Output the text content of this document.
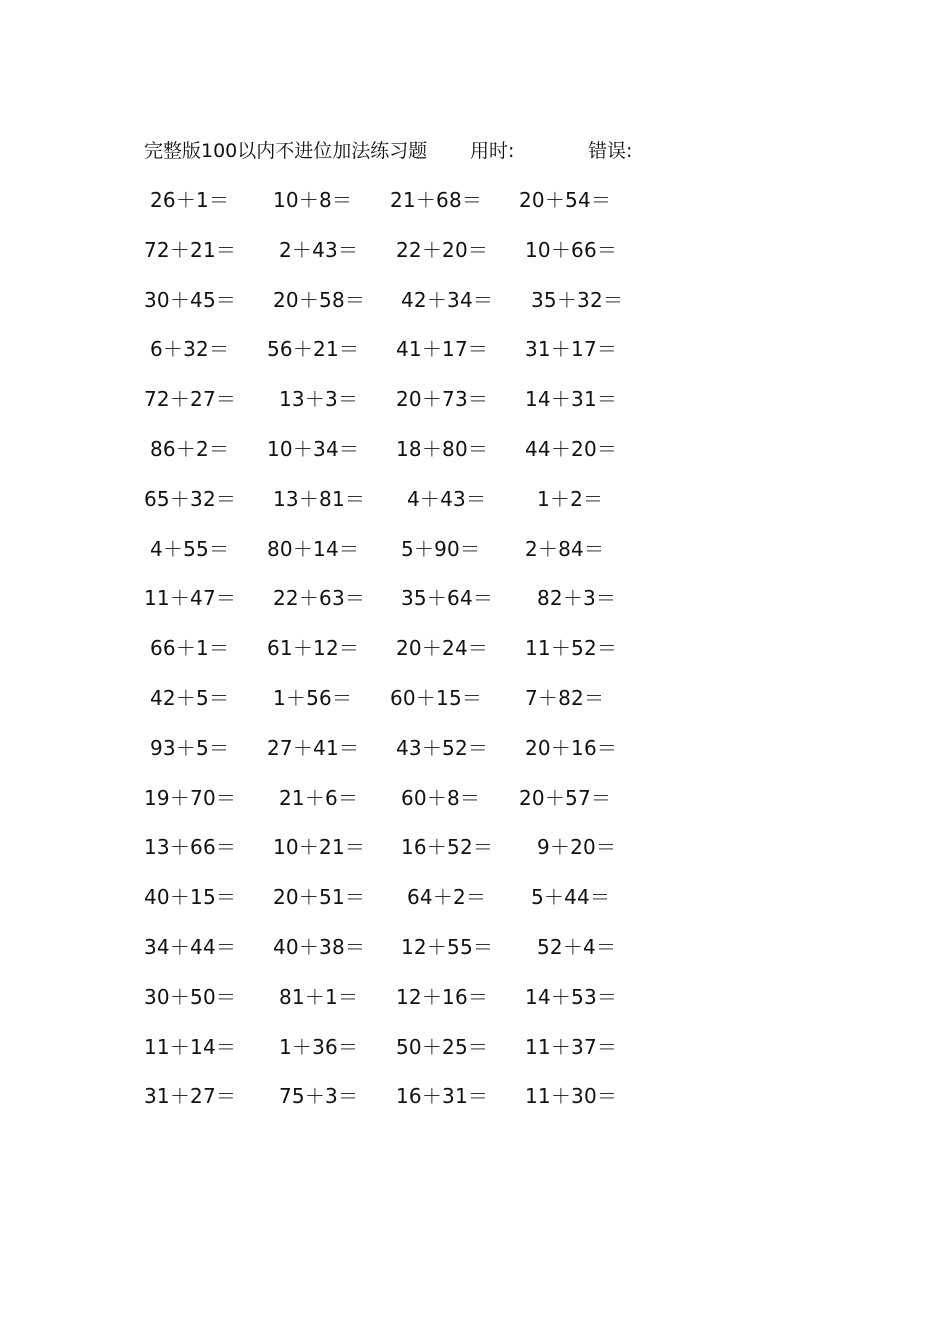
完整版100以内不进位加法练习题 用时:	错误:
26＋1＝ 10＋8＝ 21＋68＝ 20＋54＝
72＋21＝ 2＋43＝ 22＋20＝ 10＋66＝
30＋45＝ 20＋58＝ 42＋34＝ 35＋32＝
6＋32＝ 56＋21＝ 41＋17＝ 31＋17＝
72＋27＝ 13＋3＝ 20＋73＝ 14＋31＝
86＋2＝ 10＋34＝ 18＋80＝ 44＋20＝
65＋32＝ 13＋81＝ 4＋43＝	1＋2＝
4＋55＝ 80＋14＝ 5＋90＝ 2＋84＝
11＋47＝ 22＋63＝ 35＋64＝ 82＋3＝
66＋1＝ 61＋12＝ 20＋24＝ 11＋52＝
42＋5＝ 1＋56＝ 60＋15＝ 7＋82＝
93＋5＝ 27＋41＝ 43＋52＝ 20＋16＝
19＋70＝ 21＋6＝ 60＋8＝ 20＋57＝
13＋66＝ 10＋21＝ 16＋52＝ 9＋20＝
40＋15＝ 20＋51＝ 64＋2＝ 5＋44＝
34＋44＝ 40＋38＝ 12＋55＝ 52＋4＝
30＋50＝ 81＋1＝ 12＋16＝ 14＋53＝
11＋14＝ 1＋36＝ 50＋25＝ 11＋37＝
31＋27＝ 75＋3＝ 16＋31＝ 11＋30＝
